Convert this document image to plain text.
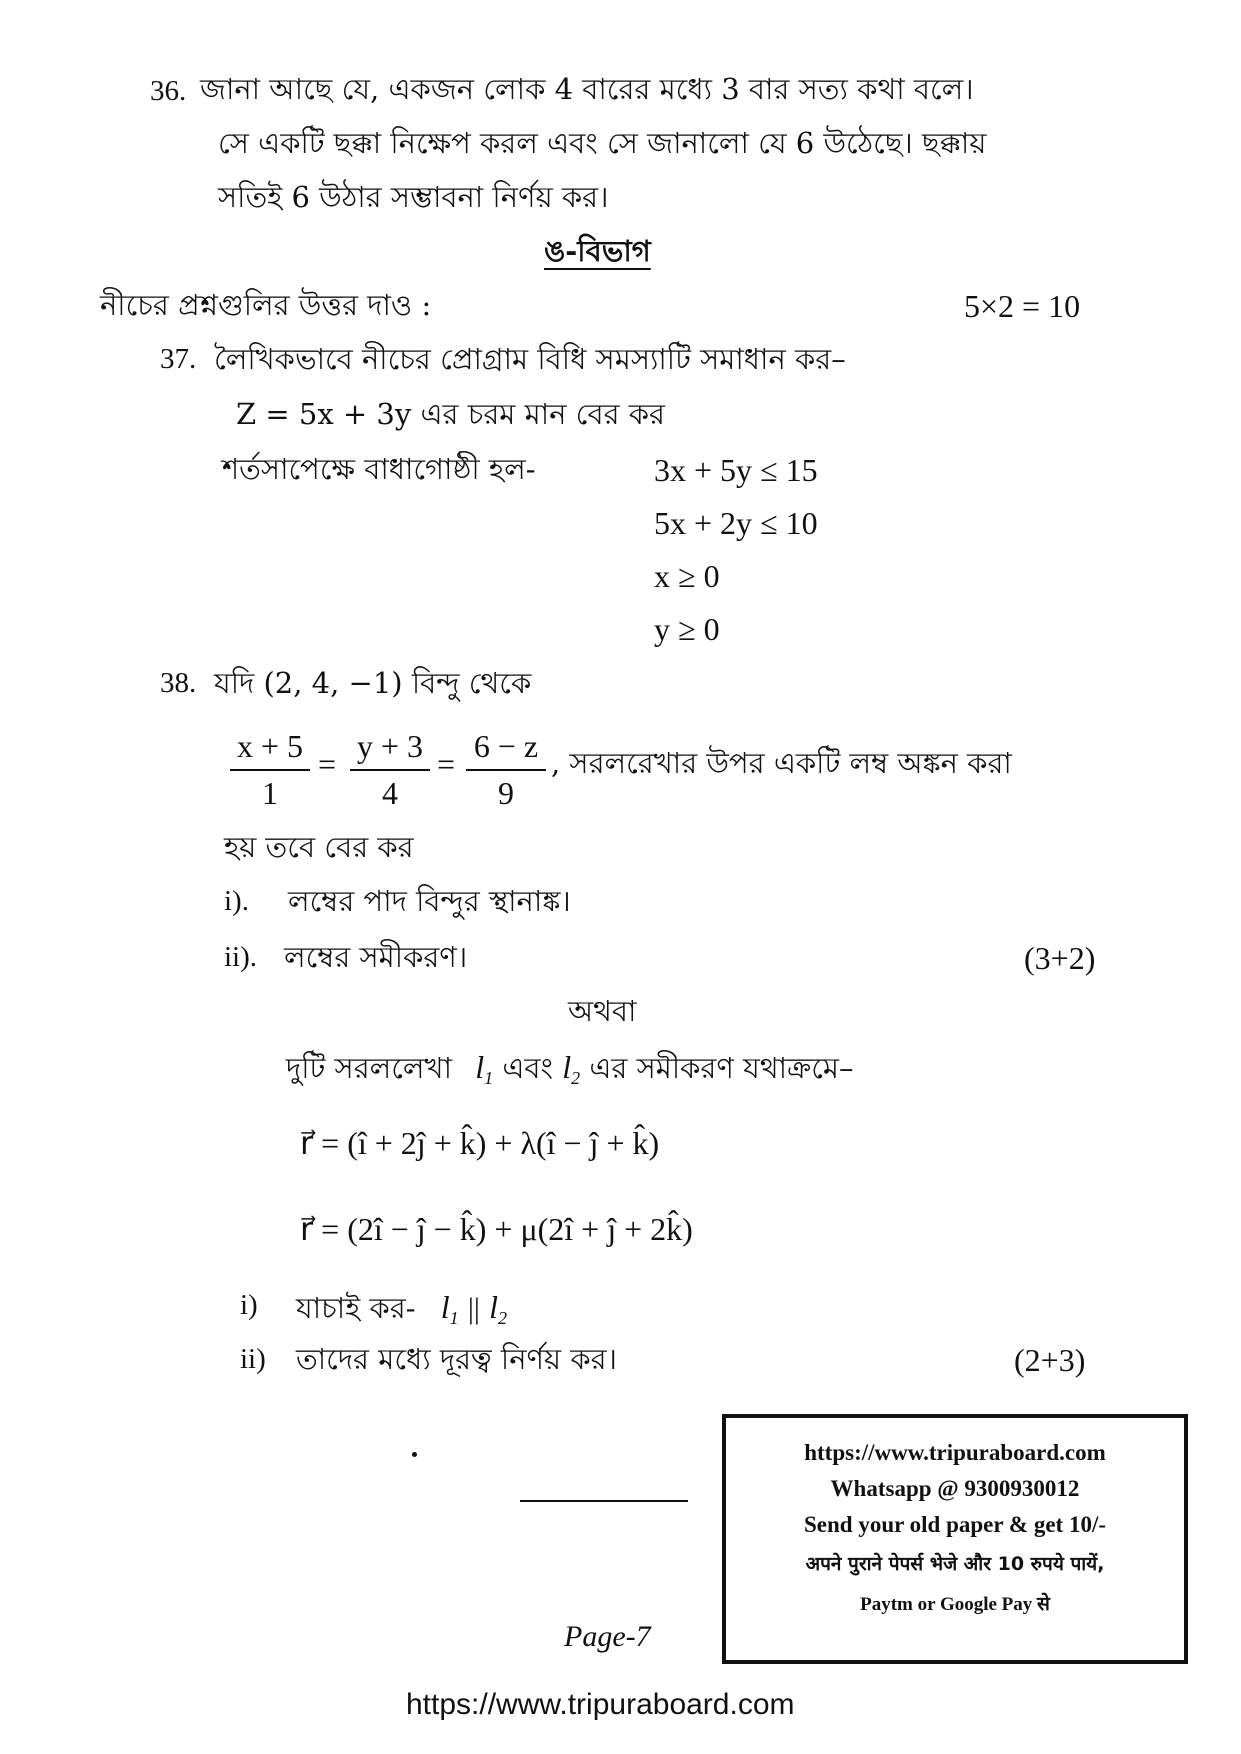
36. জানা আছে যে, একজন লোক 4 বারের মধ্যে 3 বার সত্য কথা বলে।
সে একটি ছক্কা নিক্ষেপ করল এবং সে জানালো যে 6 উঠেছে। ছক্কায়
সতিই 6 উঠার সম্ভাবনা নির্ণয় কর।
ঙ-বিভাগ
নীচের প্রশ্নগুলির উত্তর দাও :	5×2 = 10
37. লৈখিকভাবে নীচের প্রোগ্রাম বিধি সমস্যাটি সমাধান কর–
Z = 5x + 3y এর চরম মান বের কর
শর্তসাপেক্ষে বাধাগোষ্ঠী হল-	3x + 5y ≤ 15
5x + 2y ≤ 10
x ≥ 0
y ≥ 0
38. যদি (2, 4, −1) বিন্দু থেকে
$\frac{x + 5}{1} = \frac{y + 3}{4} = \frac{6 - z}{9}$ , সরলরেখার উপর একটি লম্ব অঙ্কন করা
হয় তবে বের কর
i). লম্বের পাদ বিন্দুর স্থানাঙ্ক।
ii). লম্বের সমীকরণ।	(3+2)
অথবা
দুটি সরললেখা l1 এবং l2 এর সমীকরণ যথাক্রমে–
r⃗ = (î + 2ĵ + k̂) + λ(î − ĵ + k̂)
r⃗ = (2î − ĵ − k̂) + μ(2î + ĵ + 2k̂)
i) যাচাই কর- l1 || l2
ii) তাদের মধ্যে দূরত্ব নির্ণয় কর।	(2+3)
https://www.tripuraboard.com
Whatsapp @ 9300930012
Send your old paper & get 10/-
अपने पुराने पेपर्स भेजे और 10 रुपये पायें,
Paytm or Google Pay से
Page-7
https://www.tripuraboard.com
